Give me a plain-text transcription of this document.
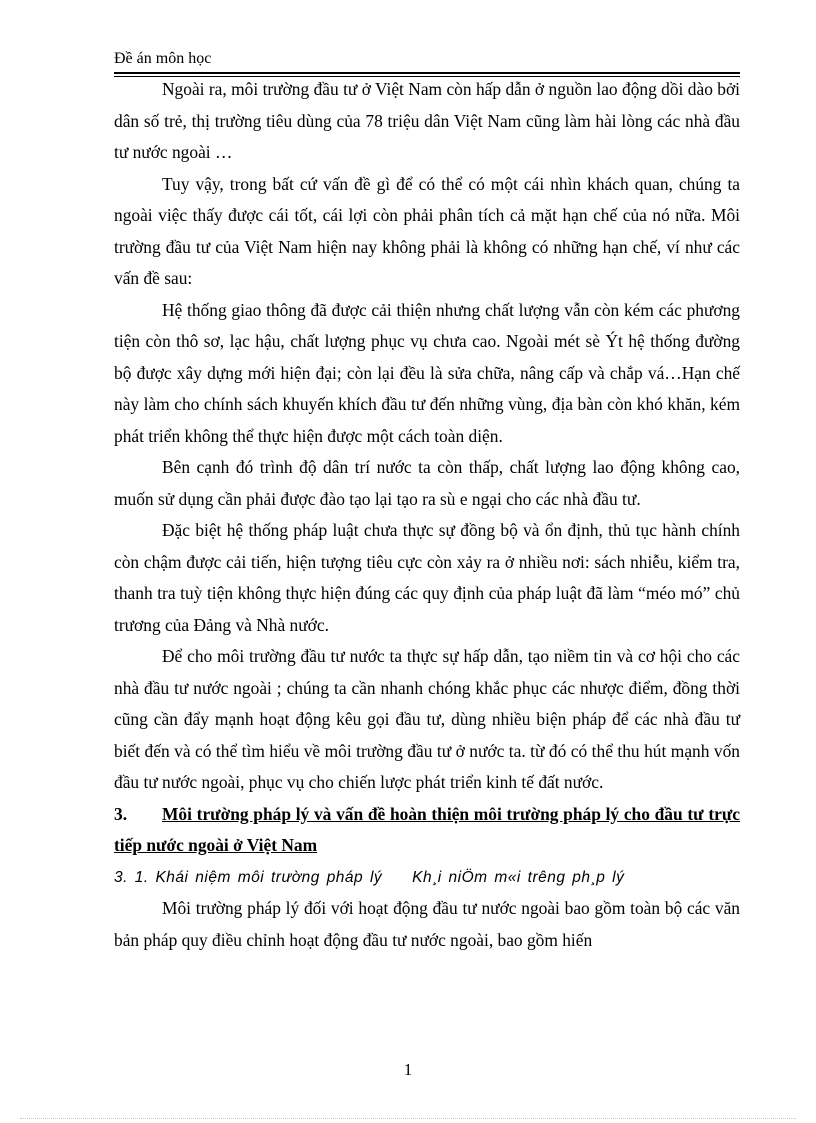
Đề án môn học

Ngoài ra, môi trường đầu tư ở Việt Nam còn hấp dẫn ở nguồn lao động dồi dào bởi dân số trẻ, thị trường tiêu dùng của 78 triệu dân Việt Nam cũng làm hài lòng các nhà đầu tư nước ngoài …

Tuy vậy, trong bất cứ vấn đề gì để có thể có một cái nhìn khách quan, chúng ta ngoài việc thấy được cái tốt, cái lợi còn phải phân tích cả mặt hạn chế của nó nữa. Môi trường đầu tư của Việt Nam hiện nay không phải là không có những hạn chế, ví như các vấn đề sau:

Hệ thống giao thông đã được cải thiện nhưng chất lượng vẫn còn kém các phương tiện còn thô sơ, lạc hậu, chất lượng phục vụ chưa cao. Ngoài mét sè Ýt hệ thống đường bộ được xây dựng mới hiện đại; còn lại đều là sửa chữa, nâng cấp và chắp vá…Hạn chế này làm cho chính sách khuyến khích đầu tư đến những vùng, địa bàn còn khó khăn, kém phát triển không thể thực hiện được một cách toàn diện.

Bên cạnh đó trình độ dân trí nước ta còn thấp, chất lượng lao động không cao, muốn sử dụng cần phải được đào tạo lại tạo ra sù e ngại cho các nhà đầu tư.

Đặc biệt hệ thống pháp luật chưa thực sự đồng bộ và ổn định, thủ tục hành chính còn chậm được cải tiến, hiện tượng tiêu cực còn xảy ra ở nhiều nơi: sách nhiễu, kiểm tra, thanh tra tuỳ tiện không thực hiện đúng các quy định của pháp luật đã làm “méo mó” chủ trương của Đảng và Nhà nước.

Để cho môi trường đầu tư nước ta thực sự hấp dẫn, tạo niềm tin và cơ hội cho các nhà đầu tư nước ngoài ; chúng ta cần nhanh chóng khắc phục các nhược điểm, đồng thời cũng cần đẩy mạnh hoạt động kêu gọi đầu tư, dùng nhiều biện pháp để các nhà đầu tư biết đến và có thể tìm hiểu về môi trường đầu tư ở nước ta. từ đó có thể thu hút mạnh vốn đầu tư nước ngoài, phục vụ cho chiến lược phát triển kinh tế đất nước.

3. Môi trường pháp lý và vấn đề hoàn thiện môi trường pháp lý cho đầu tư trực tiếp nước ngoài ở Việt Nam

3. 1. Khái niệm môi trường pháp lý Kh¸i niÖm m«i trêng ph¸p lý

Môi trường pháp lý đối với hoạt động đầu tư nước ngoài bao gồm toàn bộ các văn bản pháp quy điều chỉnh hoạt động đầu tư nước ngoài, bao gồm hiến

1
